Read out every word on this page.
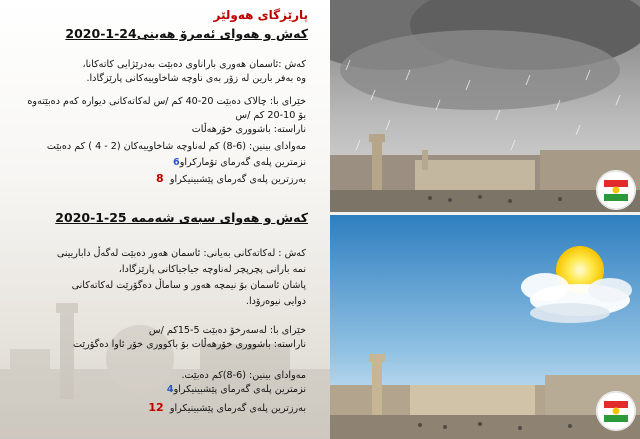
پارێزگای هەولێر
کەش و هەوای ئەمرۆ هەینی24-1-2020
کەش :ئاسمان هەوری باراناوی دەبێت بەدرێژایی کاتەکانا،
وە بەفر بارین لە زۆر بەی ناوچە شاخاوییەکانی پارێزگادا.
خێرای با: چالاک دەبێت 20-40 کم /س لەکاتەکانی دیواره کەم دەبێتەوه
بۆ 10-20 کم /س
ناراستە: باشووری خۆرهەڵات
مەوادای بینین: (6-8) کم لەناوچە شاخاوییەکان (2 - 4 ) کم دەبێت
نزمترین پلەی گەرمای تۆمارکراو6
بەرزترین پلەی گەرمای پێشبینیکراو  8
کەش و هەوای سبەی شەممە 25-1-2020
کەش : لەکاتەکانی بەیانی: ئاسمان هەور دەبێت لەگەڵ داباریینی
نمە بارانی پچرپچر لەناوچە جیاجیاکانی پارێزگادا،
پاشان ئاسمان بۆ نیمچە هەور و ساماڵ دەگۆرێت لەکاتەکانی
دوایی نیوەرۆدا.
خێرای با: لەسەرخۆ دەبێت 5-15کم /س
ناراستە: باشووری خۆرهەڵات بۆ باکووری خۆر ئاوا دەگۆرێت
مەوادای بینین: (6-8)کم دەبێت.
نزمترین پلەی گەرمای پێشبینیکراو4
بەرزترین پلەی گەرمای پێشبینیکراو  12
